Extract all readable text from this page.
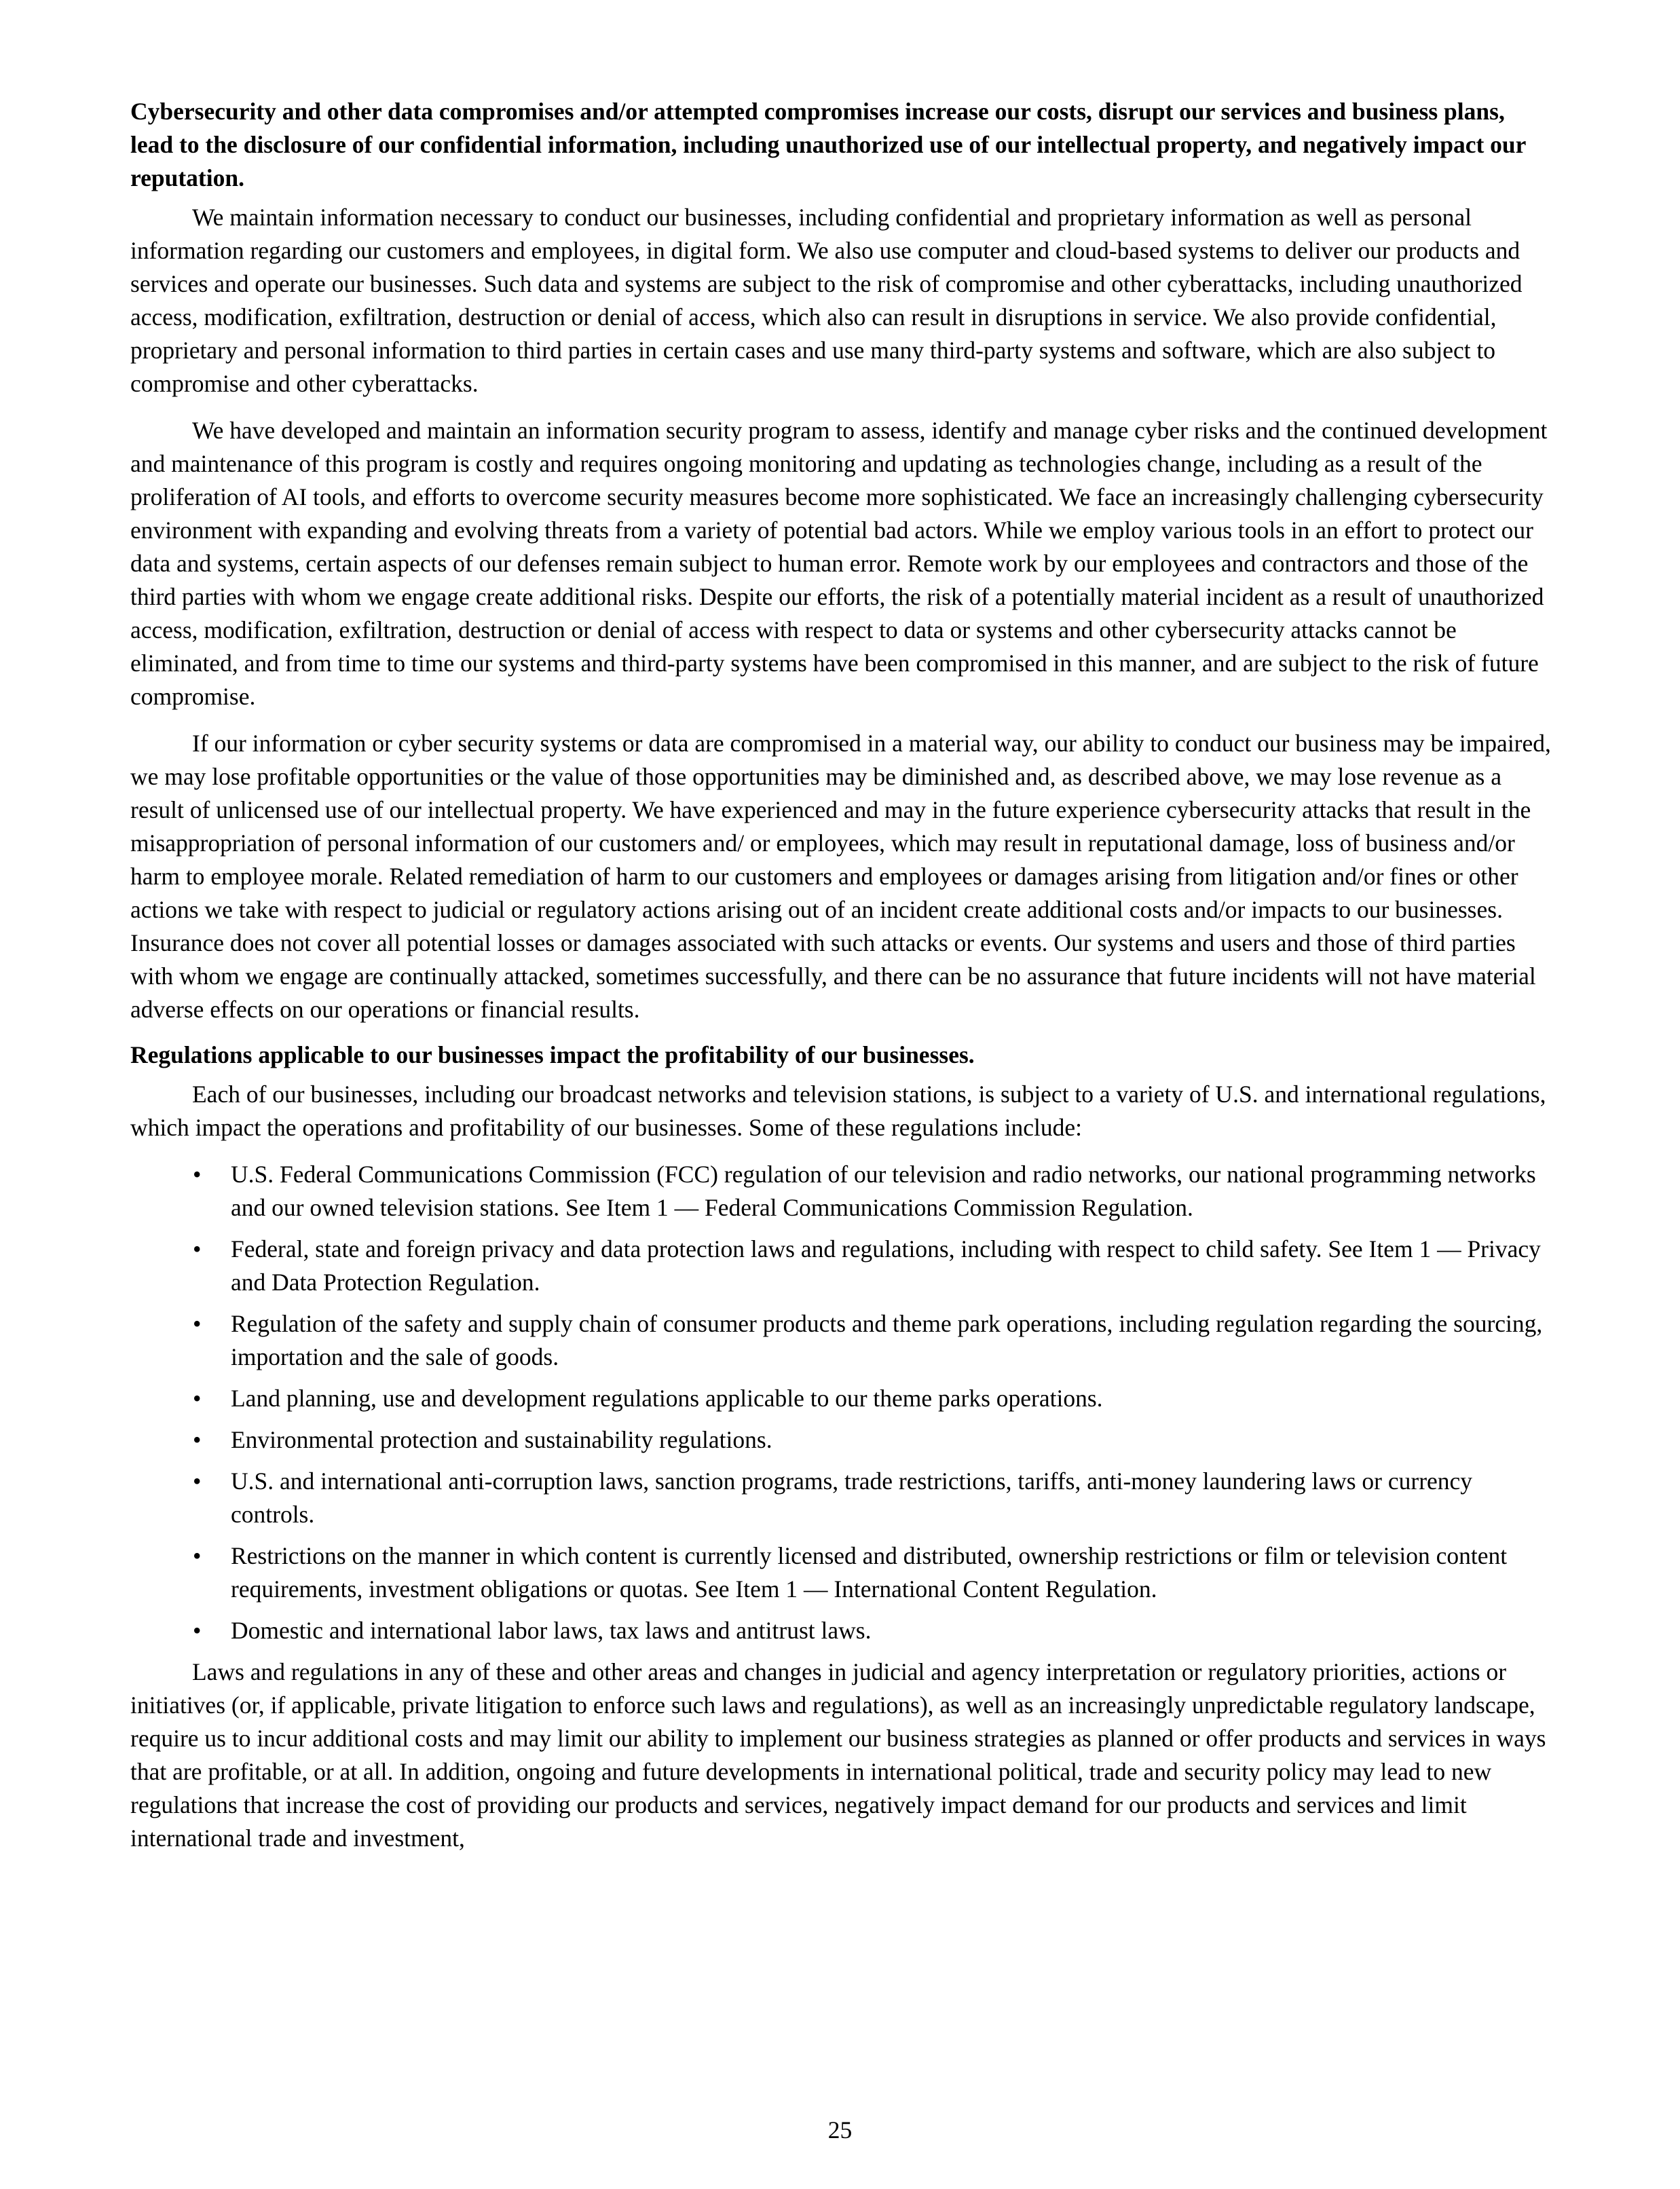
Cybersecurity and other data compromises and/or attempted compromises increase our costs, disrupt our services and business plans, lead to the disclosure of our confidential information, including unauthorized use of our intellectual property, and negatively impact our reputation.

We maintain information necessary to conduct our businesses, including confidential and proprietary information as well as personal information regarding our customers and employees, in digital form. We also use computer and cloud-based systems to deliver our products and services and operate our businesses. Such data and systems are subject to the risk of compromise and other cyberattacks, including unauthorized access, modification, exfiltration, destruction or denial of access, which also can result in disruptions in service. We also provide confidential, proprietary and personal information to third parties in certain cases and use many third-party systems and software, which are also subject to compromise and other cyberattacks.

We have developed and maintain an information security program to assess, identify and manage cyber risks and the continued development and maintenance of this program is costly and requires ongoing monitoring and updating as technologies change, including as a result of the proliferation of AI tools, and efforts to overcome security measures become more sophisticated. We face an increasingly challenging cybersecurity environment with expanding and evolving threats from a variety of potential bad actors. While we employ various tools in an effort to protect our data and systems, certain aspects of our defenses remain subject to human error. Remote work by our employees and contractors and those of the third parties with whom we engage create additional risks. Despite our efforts, the risk of a potentially material incident as a result of unauthorized access, modification, exfiltration, destruction or denial of access with respect to data or systems and other cybersecurity attacks cannot be eliminated, and from time to time our systems and third-party systems have been compromised in this manner, and are subject to the risk of future compromise.

If our information or cyber security systems or data are compromised in a material way, our ability to conduct our business may be impaired, we may lose profitable opportunities or the value of those opportunities may be diminished and, as described above, we may lose revenue as a result of unlicensed use of our intellectual property. We have experienced and may in the future experience cybersecurity attacks that result in the misappropriation of personal information of our customers and/ or employees, which may result in reputational damage, loss of business and/or harm to employee morale. Related remediation of harm to our customers and employees or damages arising from litigation and/or fines or other actions we take with respect to judicial or regulatory actions arising out of an incident create additional costs and/or impacts to our businesses. Insurance does not cover all potential losses or damages associated with such attacks or events. Our systems and users and those of third parties with whom we engage are continually attacked, sometimes successfully, and there can be no assurance that future incidents will not have material adverse effects on our operations or financial results.

Regulations applicable to our businesses impact the profitability of our businesses.

Each of our businesses, including our broadcast networks and television stations, is subject to a variety of U.S. and international regulations, which impact the operations and profitability of our businesses. Some of these regulations include:

• U.S. Federal Communications Commission (FCC) regulation of our television and radio networks, our national programming networks and our owned television stations. See Item 1 — Federal Communications Commission Regulation.
• Federal, state and foreign privacy and data protection laws and regulations, including with respect to child safety. See Item 1 — Privacy and Data Protection Regulation.
• Regulation of the safety and supply chain of consumer products and theme park operations, including regulation regarding the sourcing, importation and the sale of goods.
• Land planning, use and development regulations applicable to our theme parks operations.
• Environmental protection and sustainability regulations.
• U.S. and international anti-corruption laws, sanction programs, trade restrictions, tariffs, anti-money laundering laws or currency controls.
• Restrictions on the manner in which content is currently licensed and distributed, ownership restrictions or film or television content requirements, investment obligations or quotas. See Item 1 — International Content Regulation.
• Domestic and international labor laws, tax laws and antitrust laws.

Laws and regulations in any of these and other areas and changes in judicial and agency interpretation or regulatory priorities, actions or initiatives (or, if applicable, private litigation to enforce such laws and regulations), as well as an increasingly unpredictable regulatory landscape, require us to incur additional costs and may limit our ability to implement our business strategies as planned or offer products and services in ways that are profitable, or at all. In addition, ongoing and future developments in international political, trade and security policy may lead to new regulations that increase the cost of providing our products and services, negatively impact demand for our products and services and limit international trade and investment,

25
